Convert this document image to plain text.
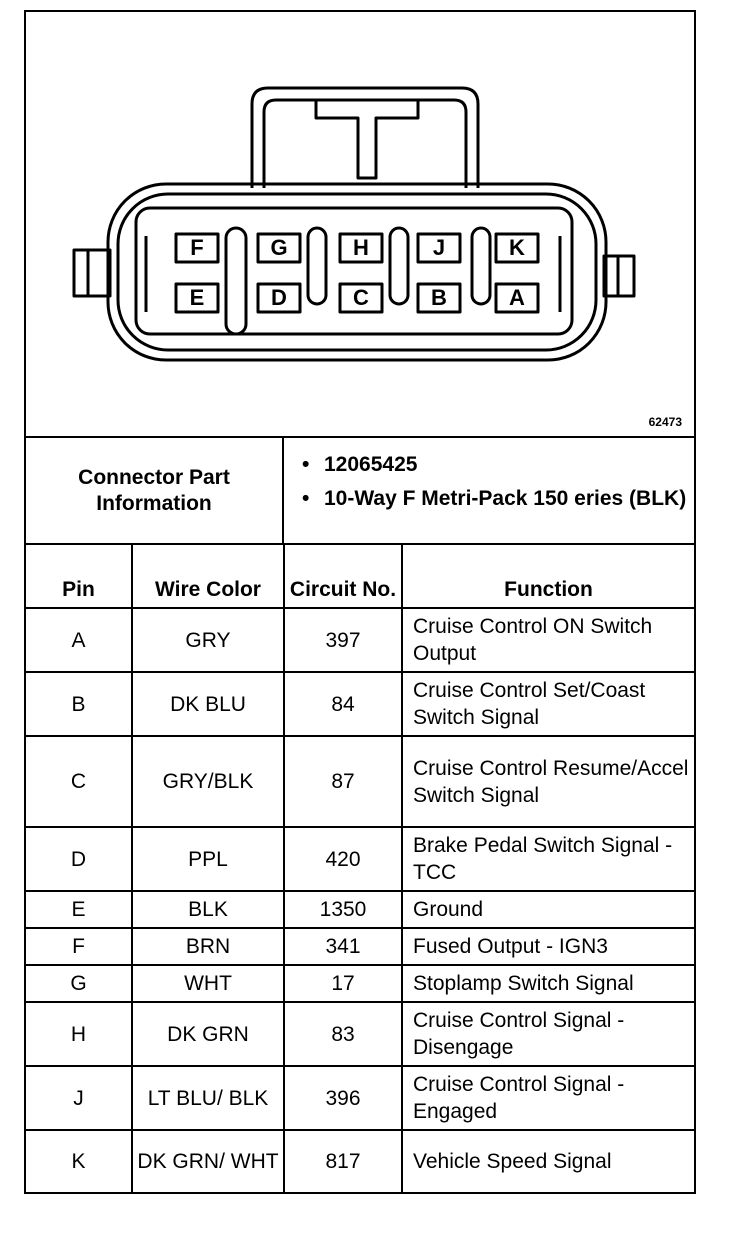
F	G	H	J	K
E	D	C	B	A
62473
Connector Part Information
• 12065425
• 10-Way F Metri-Pack 150 eries (BLK)
Pin	Wire Color	Circuit No.	Function
A	GRY	397	Cruise Control ON Switch Output
B	DK BLU	84	Cruise Control Set/Coast Switch Signal
C	GRY/BLK	87	Cruise Control Resume/Accel Switch Signal
D	PPL	420	Brake Pedal Switch Signal - TCC
E	BLK	1350	Ground
F	BRN	341	Fused Output - IGN3
G	WHT	17	Stoplamp Switch Signal
H	DK GRN	83	Cruise Control Signal - Disengage
J	LT BLU/ BLK	396	Cruise Control Signal - Engaged
K	DK GRN/ WHT	817	Vehicle Speed Signal
